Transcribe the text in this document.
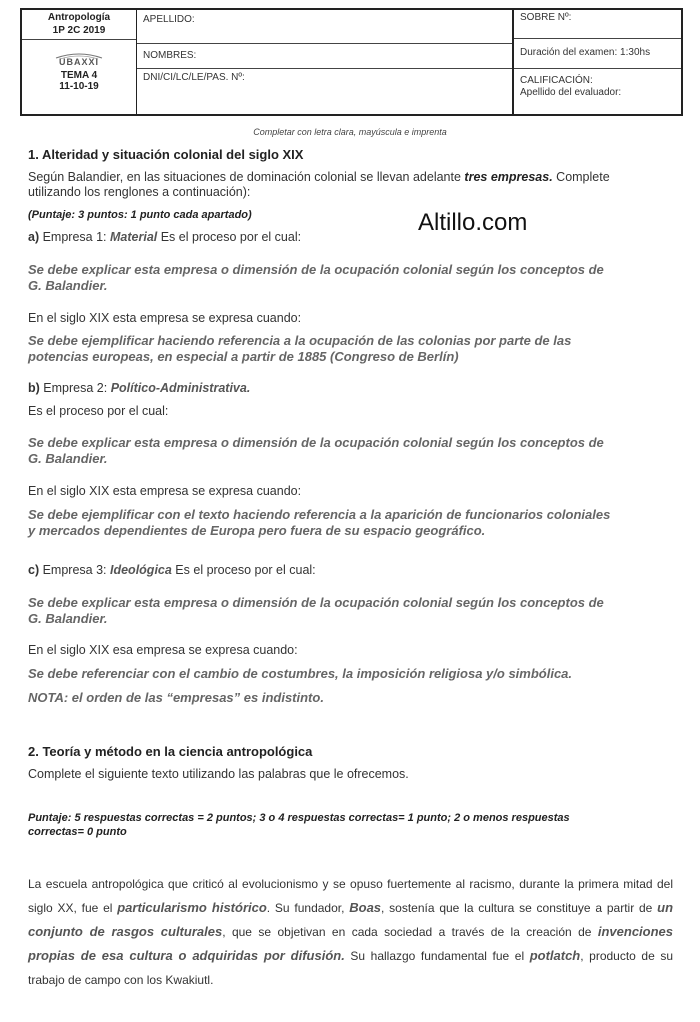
Antropología
1P 2C 2019
UBAXXI
TEMA 4
11-10-19
APELLIDO:
NOMBRES:
DNI/CI/LC/LE/PAS. Nº:
SOBRE Nº:
Duración del examen: 1:30hs
CALIFICACIÓN:
Apellido del evaluador:
Completar con letra clara, mayúscula e imprenta
Altillo.com
1. Alteridad y situación colonial del siglo XIX
Según Balandier, en las situaciones de dominación colonial se llevan adelante tres empresas. Complete
utilizando los renglones a continuación):
(Puntaje: 3 puntos: 1 punto cada apartado)
a) Empresa 1: Material Es el proceso por el cual:
Se debe explicar esta empresa o dimensión de la ocupación colonial según los conceptos de
G. Balandier.
En el siglo XIX esta empresa se expresa cuando:
Se debe ejemplificar haciendo referencia a la ocupación de las colonias por parte de las
potencias europeas, en especial a partir de 1885 (Congreso de Berlín)
b) Empresa 2: Político-Administrativa.
Es el proceso por el cual:
Se debe explicar esta empresa o dimensión de la ocupación colonial según los conceptos de
G. Balandier.
En el siglo XIX esta empresa se expresa cuando:
Se debe ejemplificar con el texto haciendo referencia a la aparición de funcionarios coloniales
y mercados dependientes de Europa pero fuera de su espacio geográfico.
c) Empresa 3: Ideológica Es el proceso por el cual:
Se debe explicar esta empresa o dimensión de la ocupación colonial según los conceptos de
G. Balandier.
En el siglo XIX esa empresa se expresa cuando:
Se debe referenciar con el cambio de costumbres, la imposición religiosa y/o simbólica.
NOTA: el orden de las “empresas” es indistinto.
2. Teoría y método en la ciencia antropológica
Complete el siguiente texto utilizando las palabras que le ofrecemos.
Puntaje: 5 respuestas correctas = 2 puntos; 3 o 4 respuestas correctas= 1 punto; 2 o menos respuestas
correctas= 0 punto
La escuela antropológica que criticó al evolucionismo y se opuso fuertemente al racismo, durante la primera mitad del siglo XX, fue el particularismo histórico. Su fundador, Boas, sostenía que la cultura se constituye a partir de un conjunto de rasgos culturales, que se objetivan en cada sociedad a través de la creación de invenciones propias de esa cultura o adquiridas por difusión. Su hallazgo fundamental fue el potlatch, producto de su trabajo de campo con los Kwakiutl.
